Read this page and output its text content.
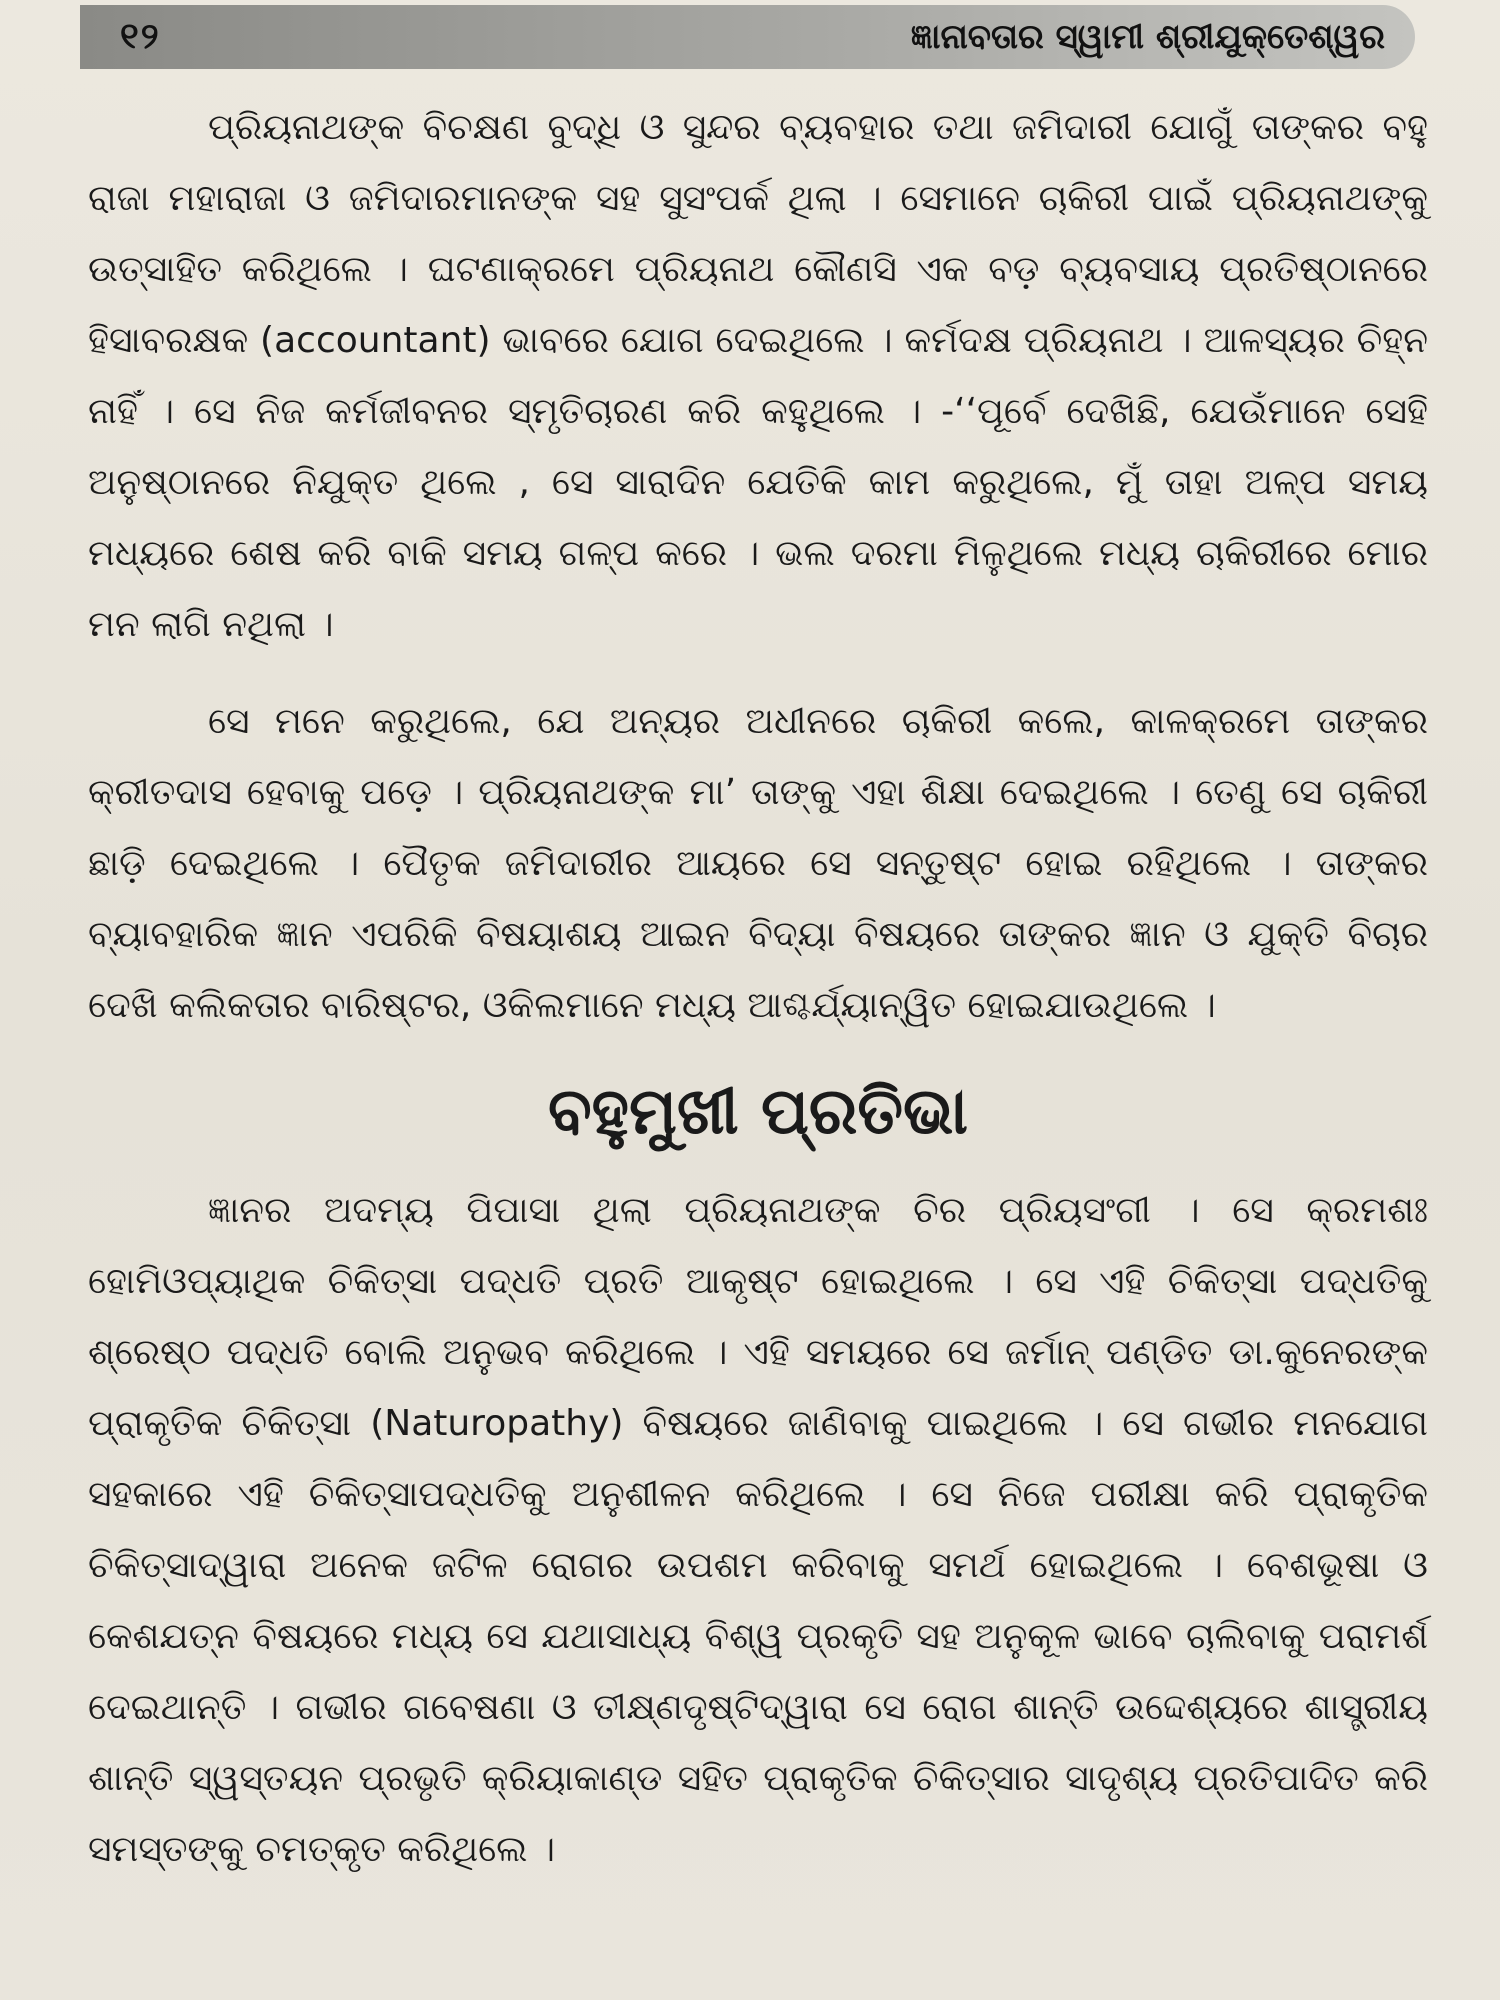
୧୨	ଜ୍ଞାନାବତାର ସ୍ୱାମୀ ଶ୍ରୀଯୁକ୍ତେଶ୍ୱର

ପ୍ରିୟନାଥଙ୍କ ବିଚକ୍ଷଣ ବୁଦ୍ଧି ଓ ସୁନ୍ଦର ବ୍ୟବହାର ତଥା ଜମିଦାରୀ ଯୋଗୁଁ ତାଙ୍କର ବହୁ ରାଜା ମହାରାଜା ଓ ଜମିଦାରମାନଙ୍କ ସହ ସୁସଂପର୍କ ଥିଲା । ସେମାନେ ଚାକିରୀ ପାଇଁ ପ୍ରିୟନାଥଙ୍କୁ ଉତ୍ସାହିତ କରିଥିଲେ । ଘଟଣାକ୍ରମେ ପ୍ରିୟନାଥ କୌଣସି ଏକ ବଡ଼ ବ୍ୟବସାୟ ପ୍ରତିଷ୍ଠାନରେ ହିସାବରକ୍ଷକ (accountant) ଭାବରେ ଯୋଗ ଦେଇଥିଲେ । କର୍ମଦକ୍ଷ ପ୍ରିୟନାଥ । ଆଳସ୍ୟର ଚିହ୍ନ ନାହିଁ । ସେ ନିଜ କର୍ମଜୀବନର ସ୍ମୃତିଚାରଣ କରି କହୁଥିଲେ । -‘‘ପୂର୍ବେ ଦେଖିଛି, ଯେଉଁମାନେ ସେହି ଅନୁଷ୍ଠାନରେ ନିଯୁକ୍ତ ଥିଲେ , ସେ ସାରାଦିନ ଯେତିକି କାମ କରୁଥିଲେ, ମୁଁ ତାହା ଅଳ୍ପ ସମୟ ମଧ୍ୟରେ ଶେଷ କରି ବାକି ସମୟ ଗଳ୍ପ କରେ । ଭଲ ଦରମା ମିଳୁଥିଲେ ମଧ୍ୟ ଚାକିରୀରେ ମୋର ମନ ଲାଗି ନଥିଲା ।

ସେ ମନେ କରୁଥିଲେ, ଯେ ଅନ୍ୟର ଅଧୀନରେ ଚାକିରୀ କଲେ, କାଳକ୍ରମେ ତାଙ୍କର କ୍ରୀତଦାସ ହେବାକୁ ପଡ଼େ । ପ୍ରିୟନାଥଙ୍କ ମା’ ତାଙ୍କୁ ଏହା ଶିକ୍ଷା ଦେଇଥିଲେ । ତେଣୁ ସେ ଚାକିରୀ ଛାଡ଼ି ଦେଇଥିଲେ । ପୈତୃକ ଜମିଦାରୀର ଆୟରେ ସେ ସନ୍ତୁଷ୍ଟ ହୋଇ ରହିଥିଲେ । ତାଙ୍କର ବ୍ୟାବହାରିକ ଜ୍ଞାନ ଏପରିକି ବିଷୟାଶୟ ଆଇନ ବିଦ୍ୟା ବିଷୟରେ ତାଙ୍କର ଜ୍ଞାନ ଓ ଯୁକ୍ତି ବିଚାର ଦେଖି କଲିକତାର ବାରିଷ୍ଟର, ଓକିଲମାନେ ମଧ୍ୟ ଆଶ୍ଚର୍ଯ୍ୟାନ୍ୱିତ ହୋଇଯାଉଥିଲେ ।

ବହୁମୁଖୀ ପ୍ରତିଭା

ଜ୍ଞାନର ଅଦମ୍ୟ ପିପାସା ଥିଲା ପ୍ରିୟନାଥଙ୍କ ଚିର ପ୍ରିୟସଂଗୀ । ସେ କ୍ରମଶଃ ହୋମିଓପ୍ୟାଥିକ ଚିକିତ୍ସା ପଦ୍ଧତି ପ୍ରତି ଆକୃଷ୍ଟ ହୋଇଥିଲେ । ସେ ଏହି ଚିକିତ୍ସା ପଦ୍ଧତିକୁ ଶ୍ରେଷ୍ଠ ପଦ୍ଧତି ବୋଲି ଅନୁଭବ କରିଥିଲେ । ଏହି ସମୟରେ ସେ ଜର୍ମାନ୍ ପଣ୍ଡିତ ଡା.କୁନେରଙ୍କ ପ୍ରାକୃତିକ ଚିକିତ୍ସା (Naturopathy) ବିଷୟରେ ଜାଣିବାକୁ ପାଇଥିଲେ । ସେ ଗଭୀର ମନଯୋଗ ସହକାରେ ଏହି ଚିକିତ୍ସାପଦ୍ଧତିକୁ ଅନୁଶୀଳନ କରିଥିଲେ । ସେ ନିଜେ ପରୀକ୍ଷା କରି ପ୍ରାକୃତିକ ଚିକିତ୍ସାଦ୍ୱାରା ଅନେକ ଜଟିଳ ରୋଗର ଉପଶମ କରିବାକୁ ସମର୍ଥ ହୋଇଥିଲେ । ବେଶଭୂଷା ଓ କେଶଯତ୍ନ ବିଷୟରେ ମଧ୍ୟ ସେ ଯଥାସାଧ୍ୟ ବିଶ୍ୱ ପ୍ରକୃତି ସହ ଅନୁକୂଳ ଭାବେ ଚାଲିବାକୁ ପରାମର୍ଶ ଦେଇଥାନ୍ତି । ଗଭୀର ଗବେଷଣା ଓ ତୀକ୍ଷ୍ଣଦୃଷ୍ଟିଦ୍ୱାରା ସେ ରୋଗ ଶାନ୍ତି ଉଦ୍ଦେଶ୍ୟରେ ଶାସ୍ତ୍ରୀୟ ଶାନ୍ତି ସ୍ୱସ୍ତୟନ ପ୍ରଭୃତି କ୍ରିୟାକାଣ୍ଡ ସହିତ ପ୍ରାକୃତିକ ଚିକିତ୍ସାର ସାଦୃଶ୍ୟ ପ୍ରତିପାଦିତ କରି ସମସ୍ତଙ୍କୁ ଚମତ୍କୃତ କରିଥିଲେ ।
